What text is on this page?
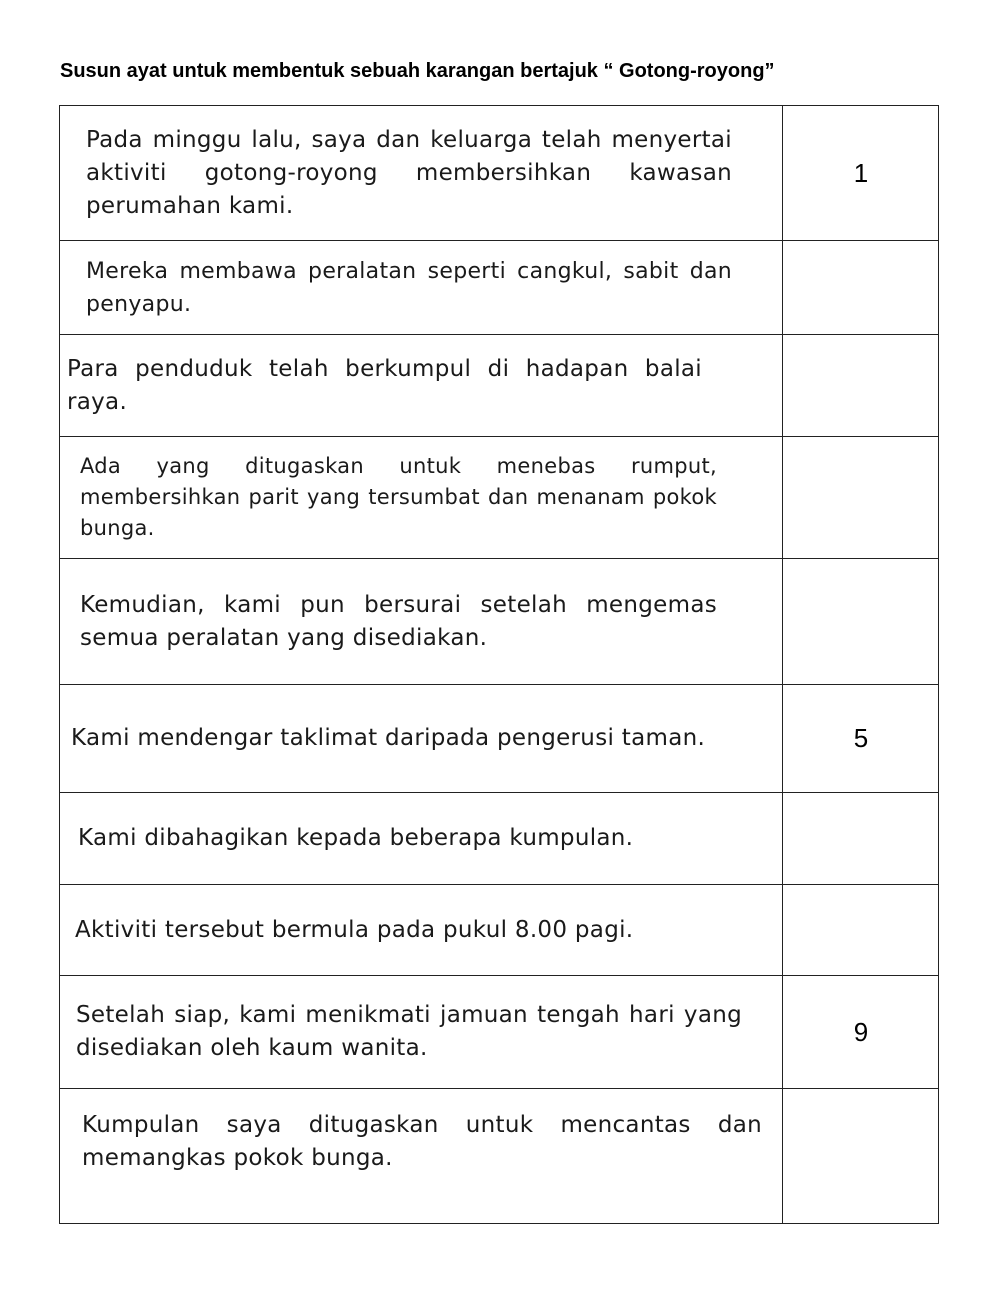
Susun ayat untuk membentuk sebuah karangan bertajuk “ Gotong-royong”
Pada minggu lalu, saya dan keluarga telah menyertai aktiviti gotong-royong membersihkan kawasan perumahan kami.
1
Mereka membawa peralatan seperti cangkul, sabit dan penyapu.
Para penduduk telah berkumpul di hadapan balai raya.
Ada yang ditugaskan untuk menebas rumput, membersihkan parit yang tersumbat dan menanam pokok bunga.
Kemudian, kami pun bersurai setelah mengemas semua peralatan yang disediakan.
Kami mendengar taklimat daripada pengerusi taman.	5
Kami dibahagikan kepada beberapa kumpulan.
Aktiviti tersebut bermula pada pukul 8.00 pagi.
Setelah siap, kami menikmati jamuan tengah hari yang disediakan oleh kaum wanita.
9
Kumpulan saya ditugaskan untuk mencantas dan memangkas pokok bunga.
